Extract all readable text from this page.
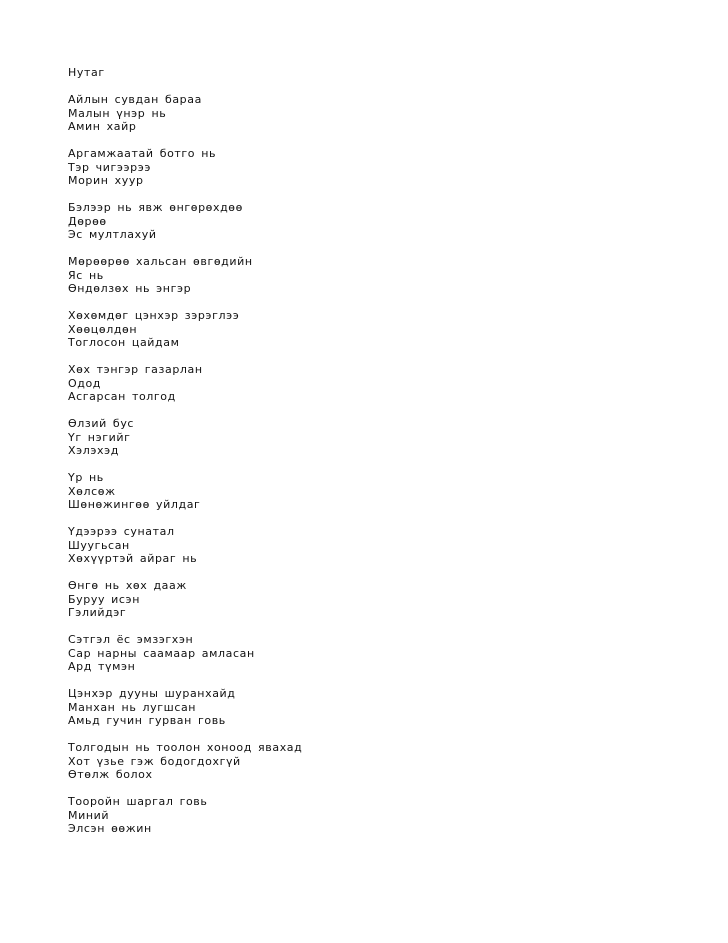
Нутаг
Айлын сувдан бараа
Малын үнэр нь
Амин хайр
Аргамжаатай ботго нь
Тэр чигээрээ
Морин хуур
Бэлээр нь явж өнгөрөхдөө
Дөрөө
Эс мултлахуй
Мөрөөрөө хальсан өвгөдийн
Яс нь
Өндөлзөх нь энгэр
Хөхөмдөг цэнхэр зэрэглээ
Хөөцөлдөн
Тоглосон цайдам
Хөх тэнгэр газарлан
Одод
Асгарсан толгод
Өлзий бус
Үг нэгийг
Хэлэхэд
Үр нь
Хөлсөж
Шөнөжингөө уйлдаг
Үдээрээ сунатал
Шуугьсан
Хөхүүртэй айраг нь
Өнгө нь хөх дааж
Буруу исэн
Гэлийдэг
Сэтгэл ёс эмзэгхэн
Сар нарны саамаар амласан
Ард түмэн
Цэнхэр дууны шуранхайд
Манхан нь лугшсан
Амьд гучин гурван говь
Толгодын нь тоолон хоноод явахад
Хот үзье гэж бодогдохгүй
Өтөлж болох
Тооройн шаргал говь
Миний
Элсэн өөжин
